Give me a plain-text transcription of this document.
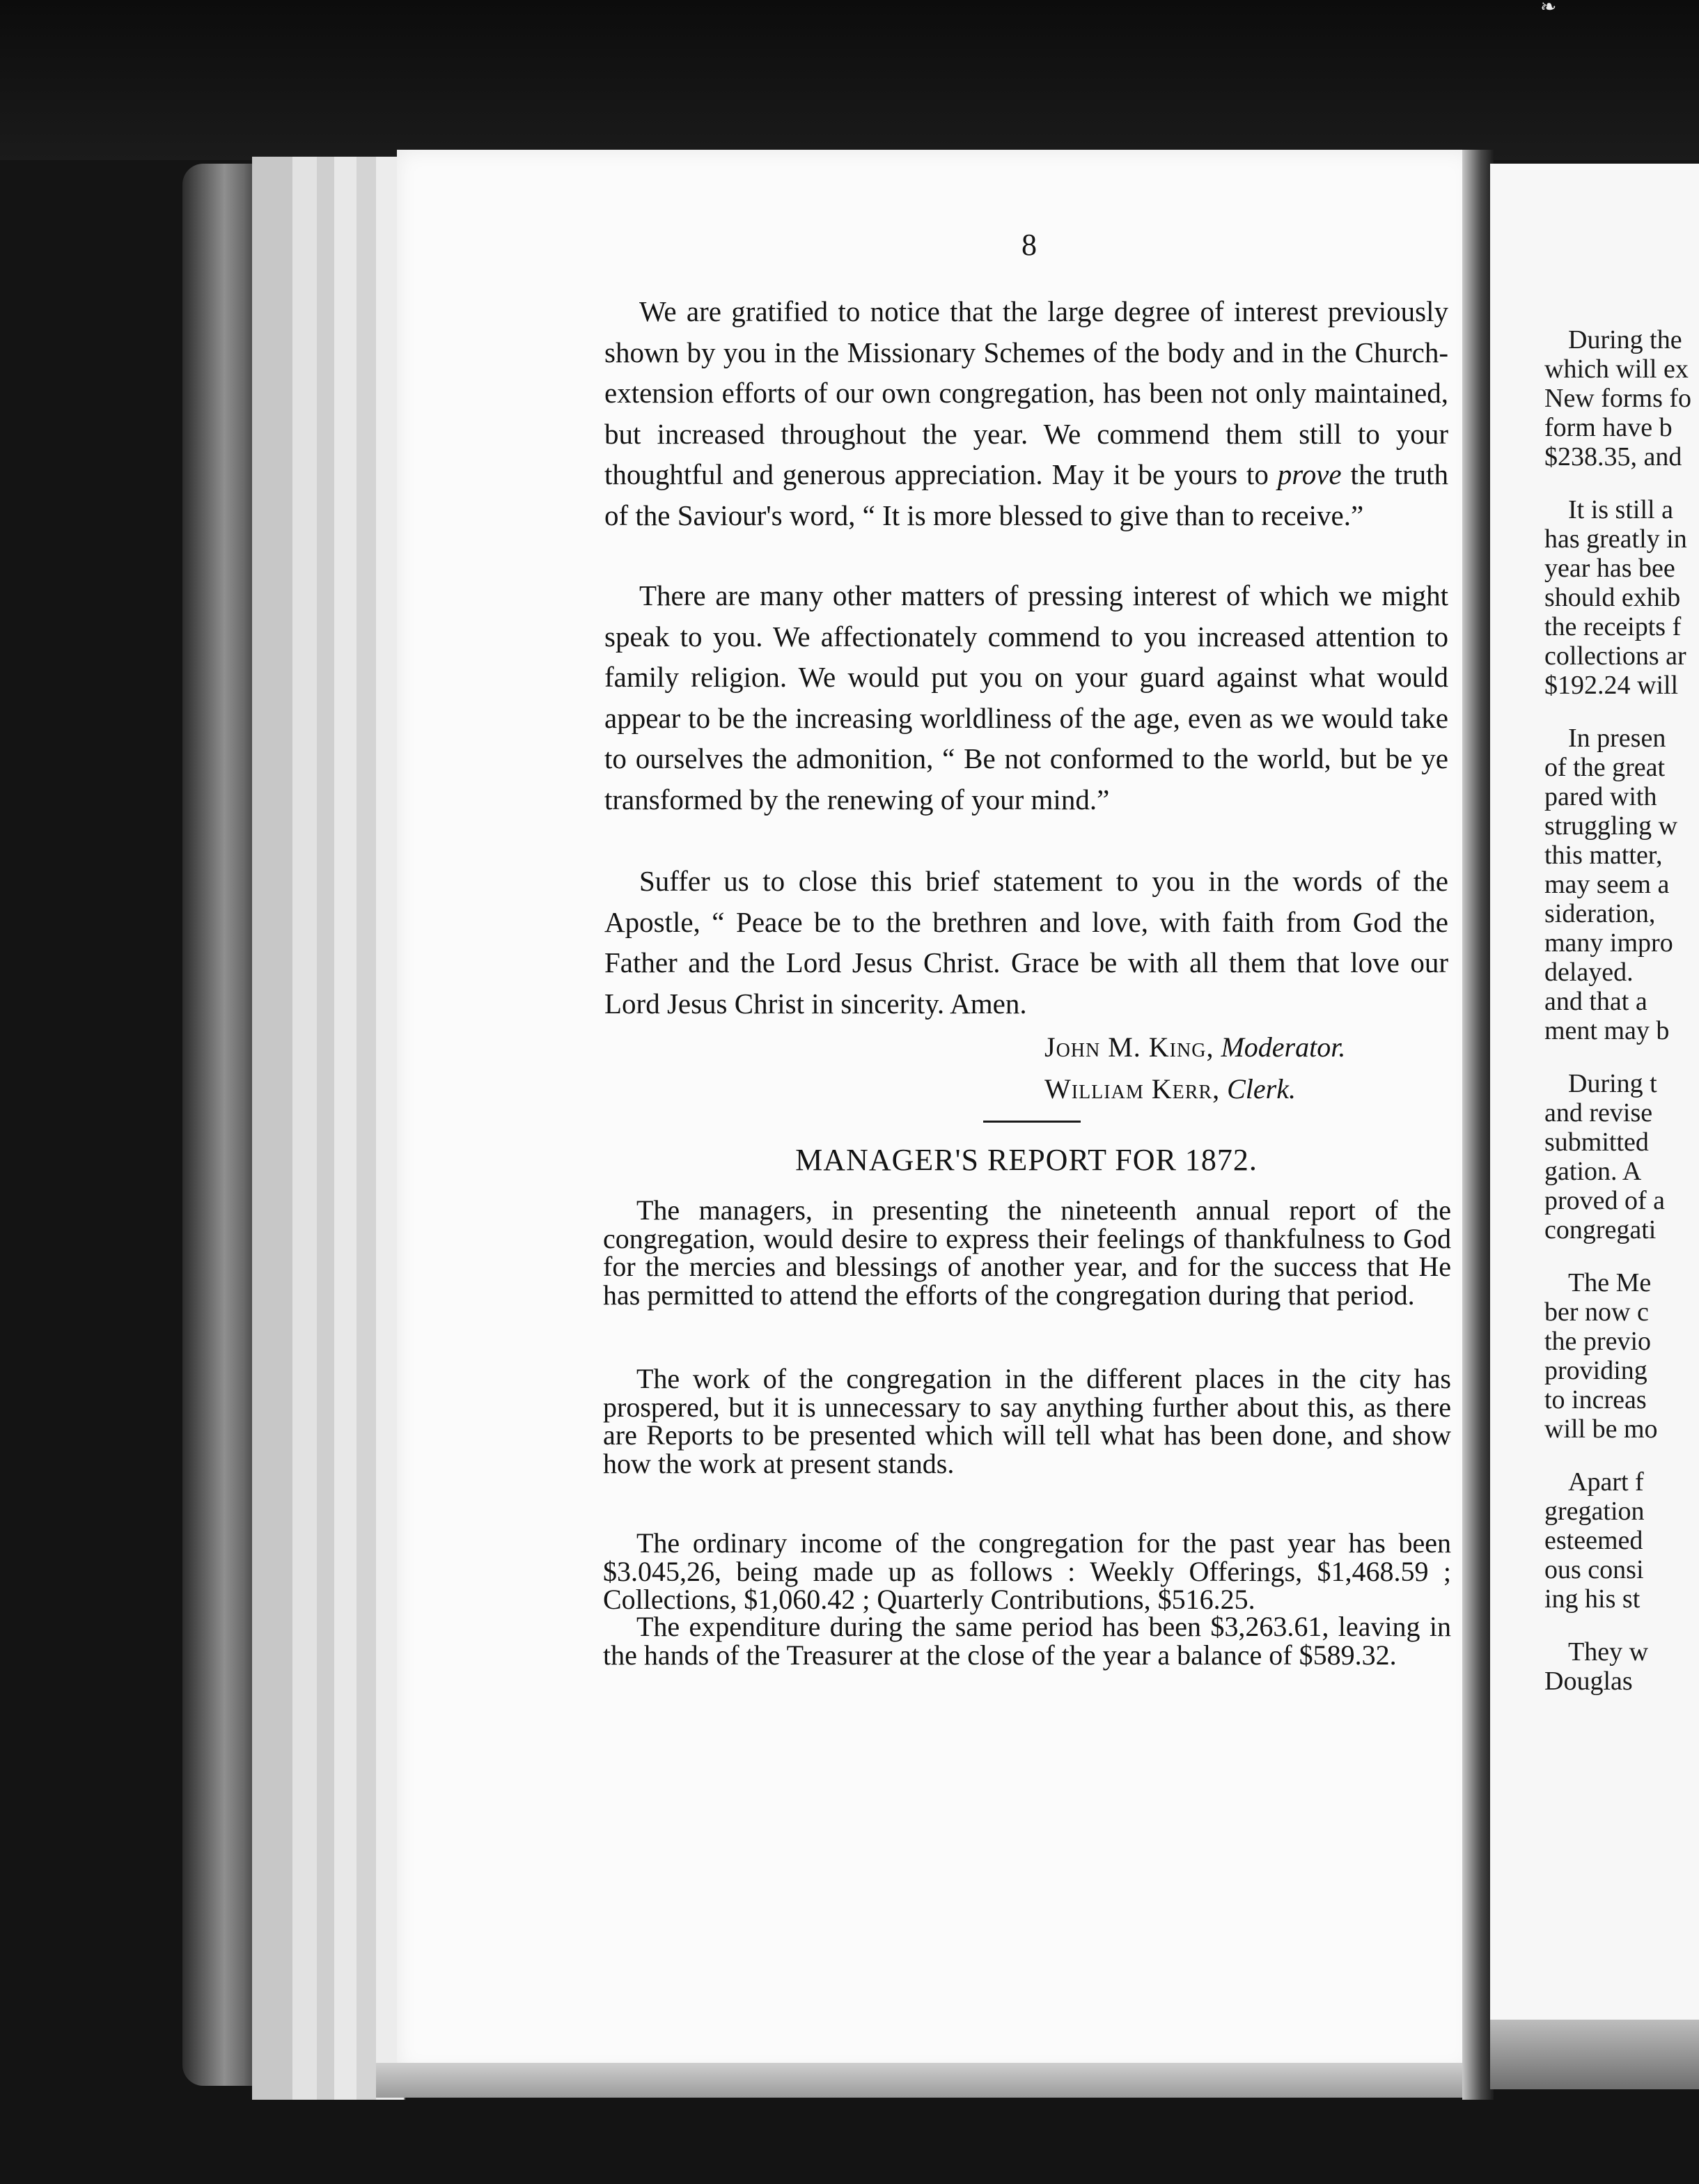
❧
8

We are gratified to notice that the large degree of interest previously shown by you in the Missionary Schemes of the body and in the Church-extension efforts of our own congregation, has been not only maintained, but increased throughout the year. We commend them still to your thoughtful and generous appreciation. May it be yours to prove the truth of the Saviour's word, “ It is more blessed to give than to receive.”

There are many other matters of pressing interest of which we might speak to you. We affectionately commend to you increased attention to family religion. We would put you on your guard against what would appear to be the increasing worldliness of the age, even as we would take to ourselves the admonition, “ Be not conformed to the world, but be ye transformed by the renewing of your mind.”

Suffer us to close this brief statement to you in the words of the Apostle, “ Peace be to the brethren and love, with faith from God the Father and the Lord Jesus Christ. Grace be with all them that love our Lord Jesus Christ in sincerity. Amen.

John M. King, Moderator.
William Kerr, Clerk.
MANAGER'S REPORT FOR 1872.

The managers, in presenting the nineteenth annual report of the congregation, would desire to express their feelings of thankfulness to God for the mercies and blessings of another year, and for the success that He has permitted to attend the efforts of the congregation during that period.

The work of the congregation in the different places in the city has prospered, but it is unnecessary to say anything further about this, as there are Reports to be presented which will tell what has been done, and show how the work at present stands.

The ordinary income of the congregation for the past year has been $3.045,26, being made up as follows : Weekly Offerings, $1,468.59 ; Collections, $1,060.42 ; Quarterly Contributions, $516.25.

The expenditure during the same period has been $3,263.61, leaving in the hands of the Treasurer at the close of the year a balance of $589.32.

During the
which will ex
New forms fo
form have b
$238.35, and
It is still a
has greatly in
year has bee
should exhib
the receipts f
collections ar
$192.24 will
In presen
of the great
pared with
struggling w
this matter,
may seem a
sideration,
many impro
delayed.
and that a
ment may b
During t
and revise
submitted
gation. A
proved of a
congregati
The Me
ber now c
the previo
providing
to increas
will be mo
Apart f
gregation
esteemed
ous consi
ing his st
They w
Douglas
